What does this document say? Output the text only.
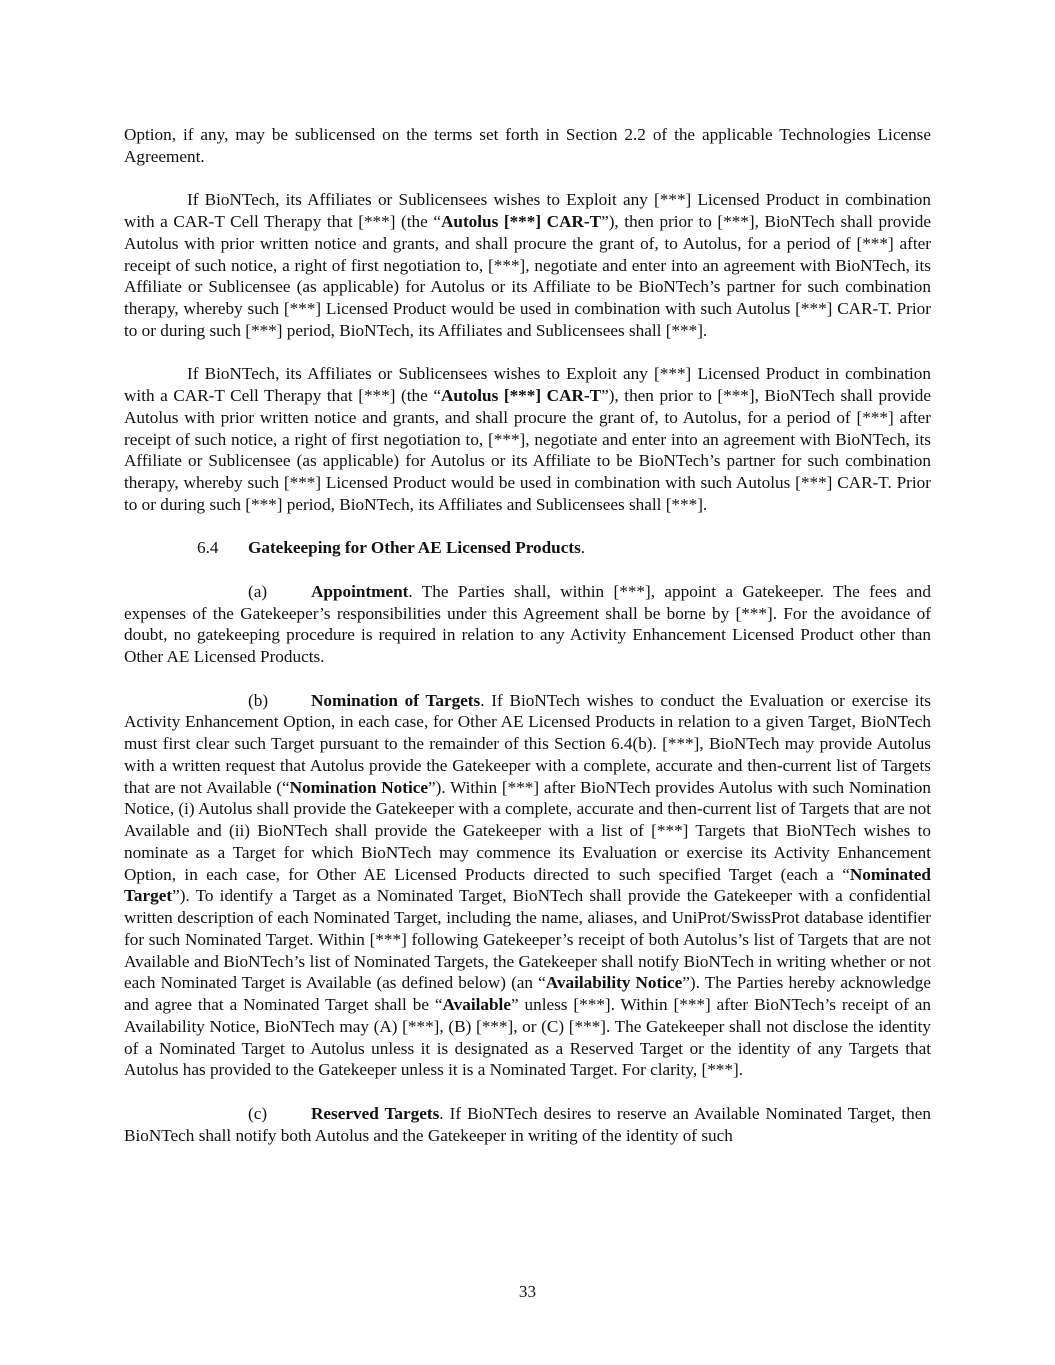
Option, if any, may be sublicensed on the terms set forth in Section 2.2 of the applicable Technologies License Agreement.

If BioNTech, its Affiliates or Sublicensees wishes to Exploit any [***] Licensed Product in combination with a CAR-T Cell Therapy that [***] (the “Autolus [***] CAR-T”), then prior to [***], BioNTech shall provide Autolus with prior written notice and grants, and shall procure the grant of, to Autolus, for a period of [***] after receipt of such notice, a right of first negotiation to, [***], negotiate and enter into an agreement with BioNTech, its Affiliate or Sublicensee (as applicable) for Autolus or its Affiliate to be BioNTech’s partner for such combination therapy, whereby such [***] Licensed Product would be used in combination with such Autolus [***] CAR-T. Prior to or during such [***] period, BioNTech, its Affiliates and Sublicensees shall [***].

If BioNTech, its Affiliates or Sublicensees wishes to Exploit any [***] Licensed Product in combination with a CAR-T Cell Therapy that [***] (the “Autolus [***] CAR-T”), then prior to [***], BioNTech shall provide Autolus with prior written notice and grants, and shall procure the grant of, to Autolus, for a period of [***] after receipt of such notice, a right of first negotiation to, [***], negotiate and enter into an agreement with BioNTech, its Affiliate or Sublicensee (as applicable) for Autolus or its Affiliate to be BioNTech’s partner for such combination therapy, whereby such [***] Licensed Product would be used in combination with such Autolus [***] CAR-T. Prior to or during such [***] period, BioNTech, its Affiliates and Sublicensees shall [***].

6.4 Gatekeeping for Other AE Licensed Products.

(a)	Appointment. The Parties shall, within [***], appoint a Gatekeeper. The fees and expenses of the Gatekeeper’s responsibilities under this Agreement shall be borne by [***]. For the avoidance of doubt, no gatekeeping procedure is required in relation to any Activity Enhancement Licensed Product other than Other AE Licensed Products.

(b) Nomination of Targets. If BioNTech wishes to conduct the Evaluation or exercise its Activity Enhancement Option, in each case, for Other AE Licensed Products in relation to a given Target, BioNTech must first clear such Target pursuant to the remainder of this Section 6.4(b). [***], BioNTech may provide Autolus with a written request that Autolus provide the Gatekeeper with a complete, accurate and then-current list of Targets that are not Available (“Nomination Notice”). Within [***] after BioNTech provides Autolus with such Nomination Notice, (i) Autolus shall provide the Gatekeeper with a complete, accurate and then-current list of Targets that are not Available and (ii) BioNTech shall provide the Gatekeeper with a list of [***] Targets that BioNTech wishes to nominate as a Target for which BioNTech may commence its Evaluation or exercise its Activity Enhancement Option, in each case, for Other AE Licensed Products directed to such specified Target (each a “Nominated Target”). To identify a Target as a Nominated Target, BioNTech shall provide the Gatekeeper with a confidential written description of each Nominated Target, including the name, aliases, and UniProt/SwissProt database identifier for such Nominated Target. Within [***] following Gatekeeper’s receipt of both Autolus’s list of Targets that are not Available and BioNTech’s list of Nominated Targets, the Gatekeeper shall notify BioNTech in writing whether or not each Nominated Target is Available (as defined below) (an “Availability Notice”). The Parties hereby acknowledge and agree that a Nominated Target shall be “Available” unless [***]. Within [***] after BioNTech’s receipt of an Availability Notice, BioNTech may (A) [***], (B) [***], or (C) [***]. The Gatekeeper shall not disclose the identity of a Nominated Target to Autolus unless it is designated as a Reserved Target or the identity of any Targets that Autolus has provided to the Gatekeeper unless it is a Nominated Target. For clarity, [***].

(c)	Reserved Targets. If BioNTech desires to reserve an Available Nominated Target, then BioNTech shall notify both Autolus and the Gatekeeper in writing of the identity of such

33
